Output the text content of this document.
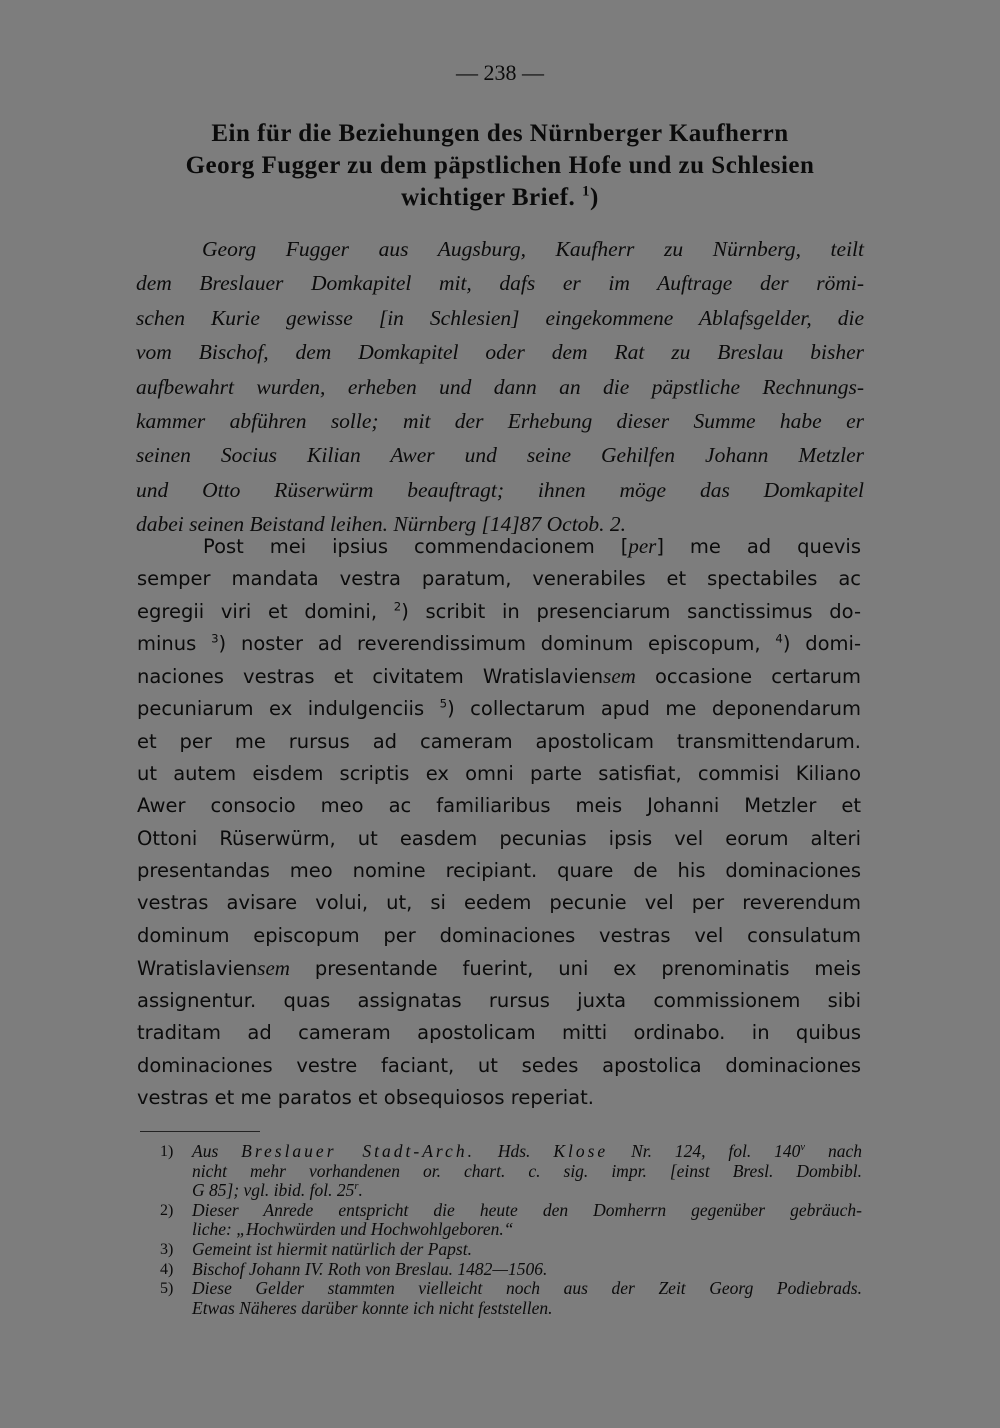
— 238 —
Ein für die Beziehungen des Nürnberger Kaufherrn
Georg Fugger zu dem päpstlichen Hofe und zu Schlesien
wichtiger Brief. $^1$)
Georg Fugger aus Augsburg, Kaufherr zu Nürnberg, teilt
dem Breslauer Domkapitel mit, dafs er im Auftrage der römi-
schen Kurie gewisse [in Schlesien] eingekommene Ablafsgelder, die
vom Bischof, dem Domkapitel oder dem Rat zu Breslau bisher
aufbewahrt wurden, erheben und dann an die päpstliche Rechnungs-
kammer abführen solle; mit der Erhebung dieser Summe habe er
seinen Socius Kilian Awer und seine Gehilfen Johann Metzler
und Otto Rüserwürm beauftragt; ihnen möge das Domkapitel
dabei seinen Beistand leihen. Nürnberg [14]87 Octob. 2.
Post mei ipsius commendacionem [per] me ad quevis
semper mandata vestra paratum, venerabiles et spectabiles ac
egregii viri et domini, $^2$) scribit in presenciarum sanctissimus do-
minus $^3$) noster ad reverendissimum dominum episcopum, $^4$) domi-
naciones vestras et civitatem Wratislaviensem occasione certarum
pecuniarum ex indulgenciis $^5$) collectarum apud me deponendarum
et per me rursus ad cameram apostolicam transmittendarum.
ut autem eisdem scriptis ex omni parte satisfiat, commisi Kiliano
Awer consocio meo ac familiaribus meis Johanni Metzler et
Ottoni Rüserwürm, ut easdem pecunias ipsis vel eorum alteri
presentandas meo nomine recipiant. quare de his dominaciones
vestras avisare volui, ut, si eedem pecunie vel per reverendum
dominum episcopum per dominaciones vestras vel consulatum
Wratislaviensem presentande fuerint, uni ex prenominatis meis
assignentur. quas assignatas rursus juxta commissionem sibi
traditam ad cameram apostolicam mitti ordinabo. in quibus
dominaciones vestre faciant, ut sedes apostolica dominaciones
vestras et me paratos et obsequiosos reperiat.
1) Aus Breslauer Stadt-Arch. Hds. Klose Nr. 124, fol. 140$^v$ nach
nicht mehr vorhandenen or. chart. c. sig. impr. [einst Bresl. Dombibl.
G 85]; vgl. ibid. fol. 25$^r$.
2) Dieser Anrede entspricht die heute den Domherrn gegenüber gebräuch-
liche: „Hochwürden und Hochwohlgeboren.“
3) Gemeint ist hiermit natürlich der Papst.
4) Bischof Johann IV. Roth von Breslau. 1482—1506.
5) Diese Gelder stammten vielleicht noch aus der Zeit Georg Podiebrads.
Etwas Näheres darüber konnte ich nicht feststellen.
